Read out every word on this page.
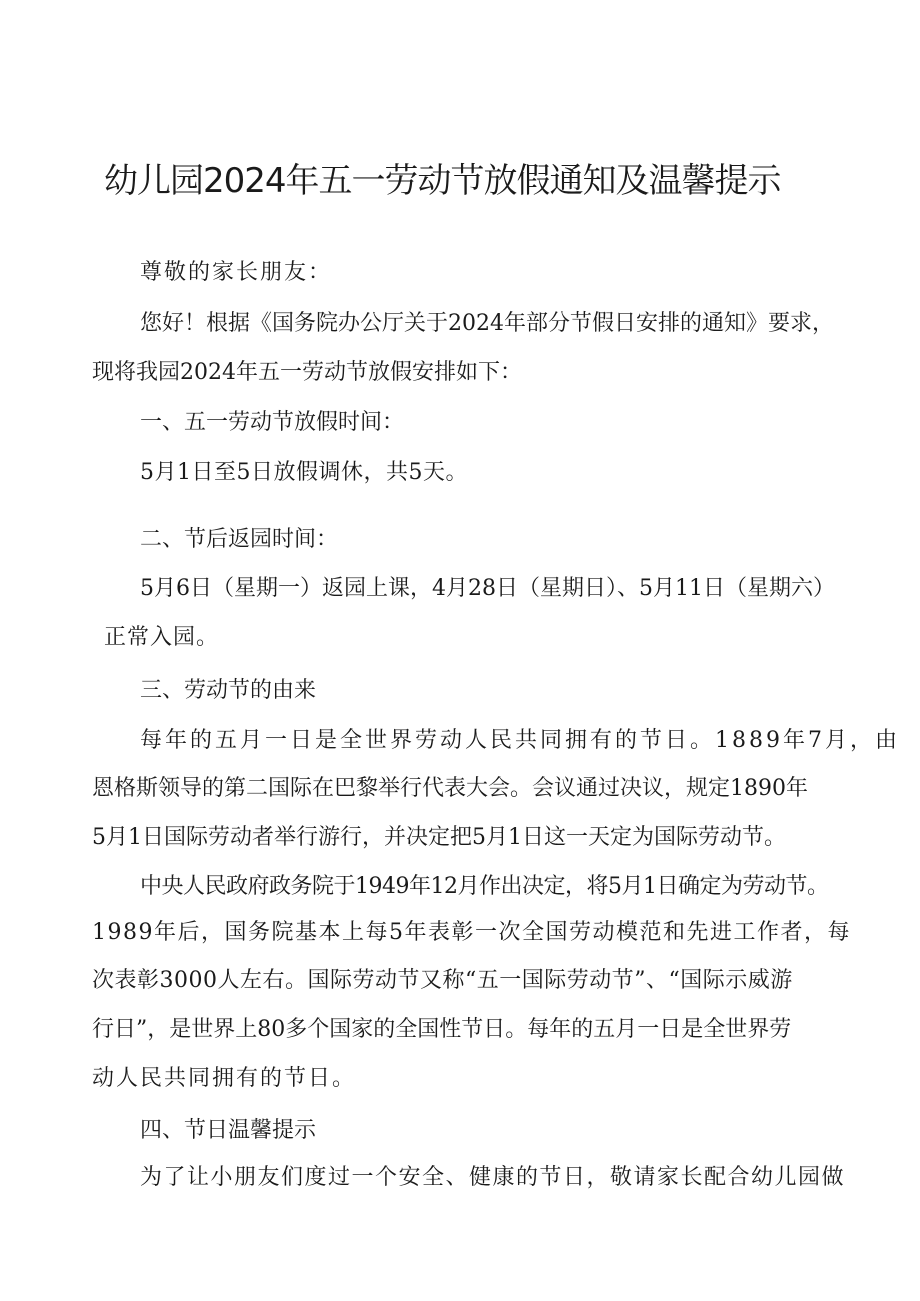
幼儿园2024年五一劳动节放假通知及温馨提示

尊敬的家长朋友：

您好！根据《国务院办公厅关于2024年部分节假日安排的通知》要求，

现将我园2024年五一劳动节放假安排如下：

一、五一劳动节放假时间：

5月1日至5日放假调休，共5天。

二、节后返园时间：

5月6日（星期一）返园上课，4月28日（星期日）、5月11日（星期六）

正常入园。

三、劳动节的由来

每年的五月一日是全世界劳动人民共同拥有的节日。1889年7月，由

恩格斯领导的第二国际在巴黎举行代表大会。会议通过决议，规定1890年

5月1日国际劳动者举行游行，并决定把5月1日这一天定为国际劳动节。

中央人民政府政务院于1949年12月作出决定，将5月1日确定为劳动节。

1989年后，国务院基本上每5年表彰一次全国劳动模范和先进工作者，每

次表彰3000人左右。国际劳动节又称“五一国际劳动节”、“国际示威游

行日”，是世界上80多个国家的全国性节日。每年的五月一日是全世界劳

动人民共同拥有的节日。

四、节日温馨提示

为了让小朋友们度过一个安全、健康的节日，敬请家长配合幼儿园做
